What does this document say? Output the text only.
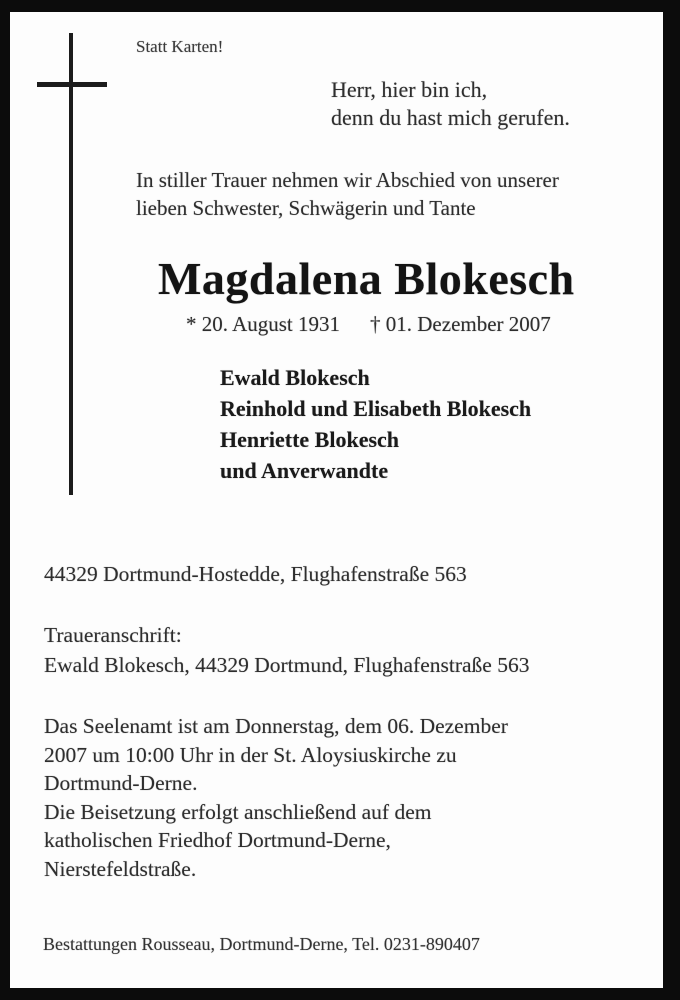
Statt Karten!
Herr, hier bin ich,
denn du hast mich gerufen.
In stiller Trauer nehmen wir Abschied von unserer
lieben Schwester, Schwägerin und Tante
Magdalena Blokesch
* 20. August 1931 † 01. Dezember 2007
Ewald Blokesch
Reinhold und Elisabeth Blokesch
Henriette Blokesch
und Anverwandte
44329 Dortmund-Hostedde, Flughafenstraße 563
Traueranschrift:
Ewald Blokesch, 44329 Dortmund, Flughafenstraße 563
Das Seelenamt ist am Donnerstag, dem 06. Dezember
2007 um 10:00 Uhr in der St. Aloysiuskirche zu
Dortmund-Derne.
Die Beisetzung erfolgt anschließend auf dem
katholischen Friedhof Dortmund-Derne,
Nierstefeldstraße.
Bestattungen Rousseau, Dortmund-Derne, Tel. 0231-890407
